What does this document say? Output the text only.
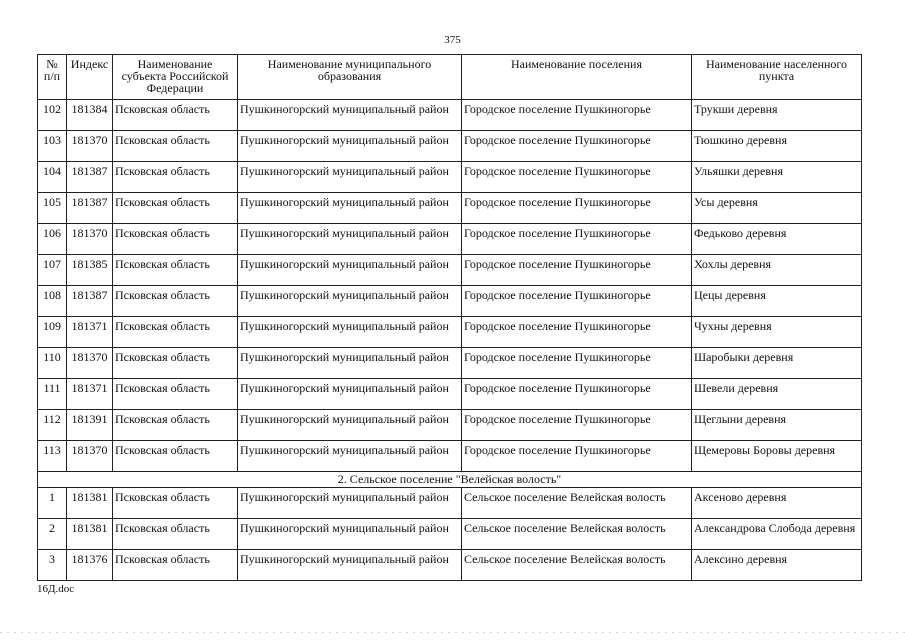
375
№ п/п	Индекс	Наименование субъекта Российской Федерации	Наименование муниципального образования	Наименование поселения	Наименование населенного пункта
102	181384	Псковская область	Пушкиногорский муниципальный район	Городское поселение Пушкиногорье	Трукши деревня
103	181370	Псковская область	Пушкиногорский муниципальный район	Городское поселение Пушкиногорье	Тюшкино деревня
104	181387	Псковская область	Пушкиногорский муниципальный район	Городское поселение Пушкиногорье	Ульяшки деревня
105	181387	Псковская область	Пушкиногорский муниципальный район	Городское поселение Пушкиногорье	Усы деревня
106	181370	Псковская область	Пушкиногорский муниципальный район	Городское поселение Пушкиногорье	Федьково деревня
107	181385	Псковская область	Пушкиногорский муниципальный район	Городское поселение Пушкиногорье	Хохлы деревня
108	181387	Псковская область	Пушкиногорский муниципальный район	Городское поселение Пушкиногорье	Цецы деревня
109	181371	Псковская область	Пушкиногорский муниципальный район	Городское поселение Пушкиногорье	Чухны деревня
110	181370	Псковская область	Пушкиногорский муниципальный район	Городское поселение Пушкиногорье	Шаробыки деревня
111	181371	Псковская область	Пушкиногорский муниципальный район	Городское поселение Пушкиногорье	Шевели деревня
112	181391	Псковская область	Пушкиногорский муниципальный район	Городское поселение Пушкиногорье	Щеглыни деревня
113	181370	Псковская область	Пушкиногорский муниципальный район	Городское поселение Пушкиногорье	Щемеровы Боровы деревня
2. Сельское поселение "Велейская волость"					
1	181381	Псковская область	Пушкиногорский муниципальный район	Сельское поселение Велейская волость	Аксеново деревня
2	181381	Псковская область	Пушкиногорский муниципальный район	Сельское поселение Велейская волость	Александрова Слобода деревня
3	181376	Псковская область	Пушкиногорский муниципальный район	Сельское поселение Велейская волость	Алексино деревня
16Д.doc
